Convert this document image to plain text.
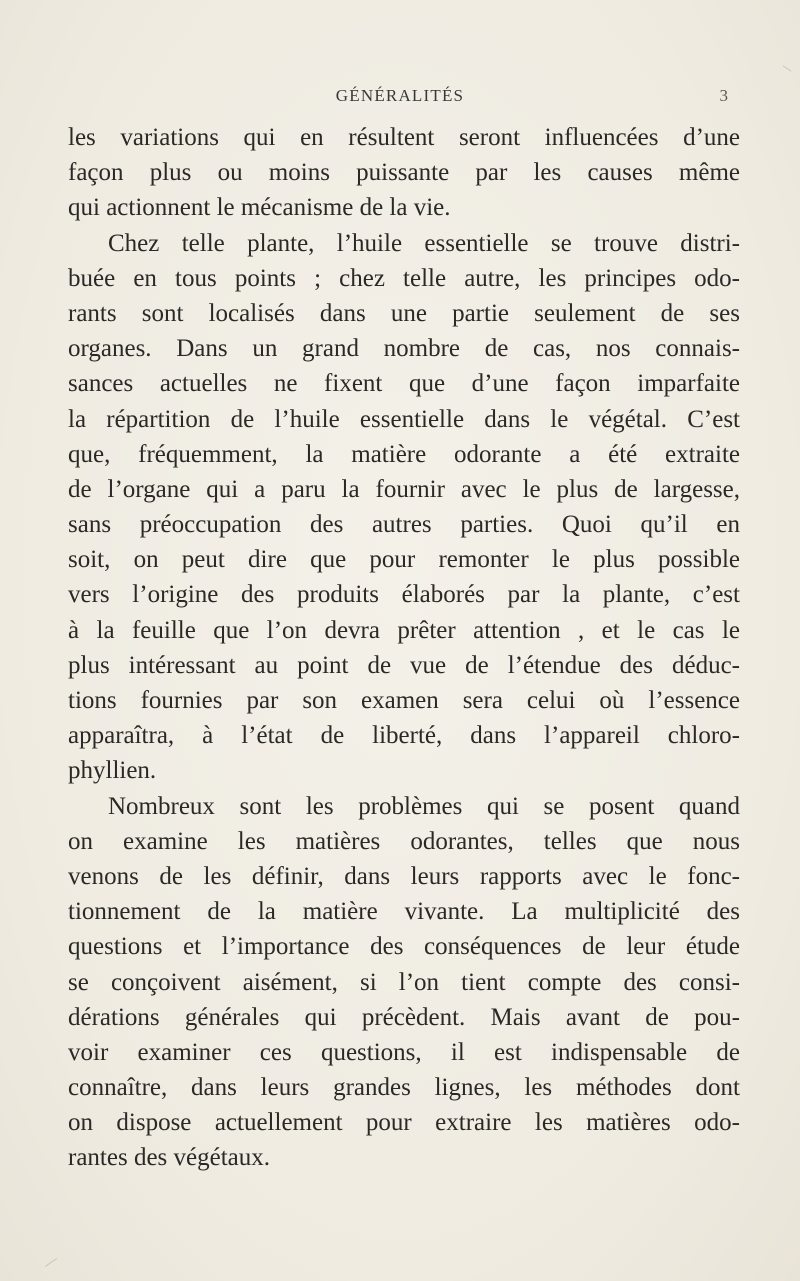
GÉNÉRALITÉS	3
les variations qui en résultent seront influencées d’une
façon plus ou moins puissante par les causes même
qui actionnent le mécanisme de la vie.
Chez telle plante, l’huile essentielle se trouve distri-
buée en tous points ; chez telle autre, les principes odo-
rants sont localisés dans une partie seulement de ses
organes. Dans un grand nombre de cas, nos connais-
sances actuelles ne fixent que d’une façon imparfaite
la répartition de l’huile essentielle dans le végétal. C’est
que, fréquemment, la matière odorante a été extraite
de l’organe qui a paru la fournir avec le plus de largesse,
sans préoccupation des autres parties. Quoi qu’il en
soit, on peut dire que pour remonter le plus possible
vers l’origine des produits élaborés par la plante, c’est
à la feuille que l’on devra prêter attention , et le cas le
plus intéressant au point de vue de l’étendue des déduc-
tions fournies par son examen sera celui où l’essence
apparaîtra, à l’état de liberté, dans l’appareil chloro-
phyllien.
Nombreux sont les problèmes qui se posent quand
on examine les matières odorantes, telles que nous
venons de les définir, dans leurs rapports avec le fonc-
tionnement de la matière vivante. La multiplicité des
questions et l’importance des conséquences de leur étude
se conçoivent aisément, si l’on tient compte des consi-
dérations générales qui précèdent. Mais avant de pou-
voir examiner ces questions, il est indispensable de
connaître, dans leurs grandes lignes, les méthodes dont
on dispose actuellement pour extraire les matières odo-
rantes des végétaux.
